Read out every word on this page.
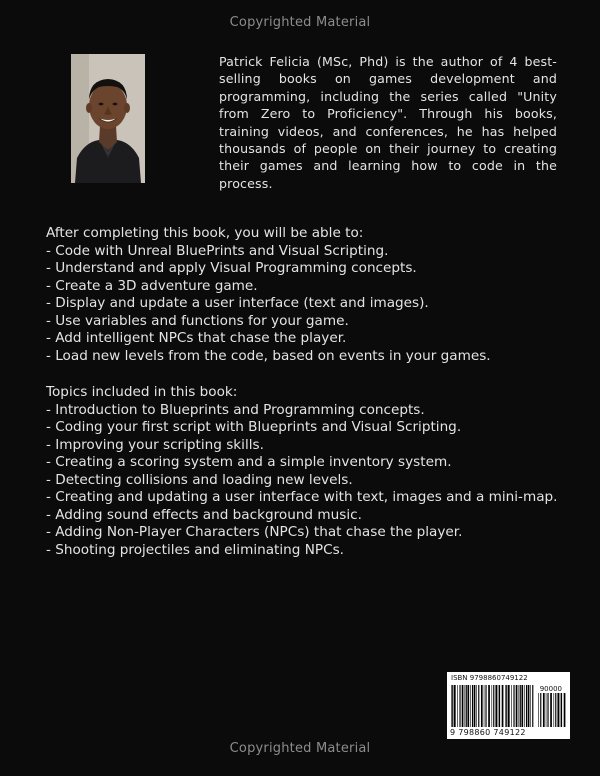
Copyrighted Material
Patrick Felicia (MSc, Phd) is the author of 4 best-selling books on games development and programming, including the series called "Unity from Zero to Proficiency". Through his books, training videos, and conferences, he has helped thousands of people on their journey to creating their games and learning how to code in the process.
After completing this book, you will be able to:
- Code with Unreal BluePrints and Visual Scripting.
- Understand and apply Visual Programming concepts.
- Create a 3D adventure game.
- Display and update a user interface (text and images).
- Use variables and functions for your game.
- Add intelligent NPCs that chase the player.
- Load new levels from the code, based on events in your games.
Topics included in this book:
- Introduction to Blueprints and Programming concepts.
- Coding your first script with Blueprints and Visual Scripting.
- Improving your scripting skills.
- Creating a scoring system and a simple inventory system.
- Detecting collisions and loading new levels.
- Creating and updating a user interface with text, images and a mini-map.
- Adding sound effects and background music.
- Adding Non-Player Characters (NPCs) that chase the player.
- Shooting projectiles and eliminating NPCs.
ISBN 9798860749122
90000
9 798860 749122
Copyrighted Material
